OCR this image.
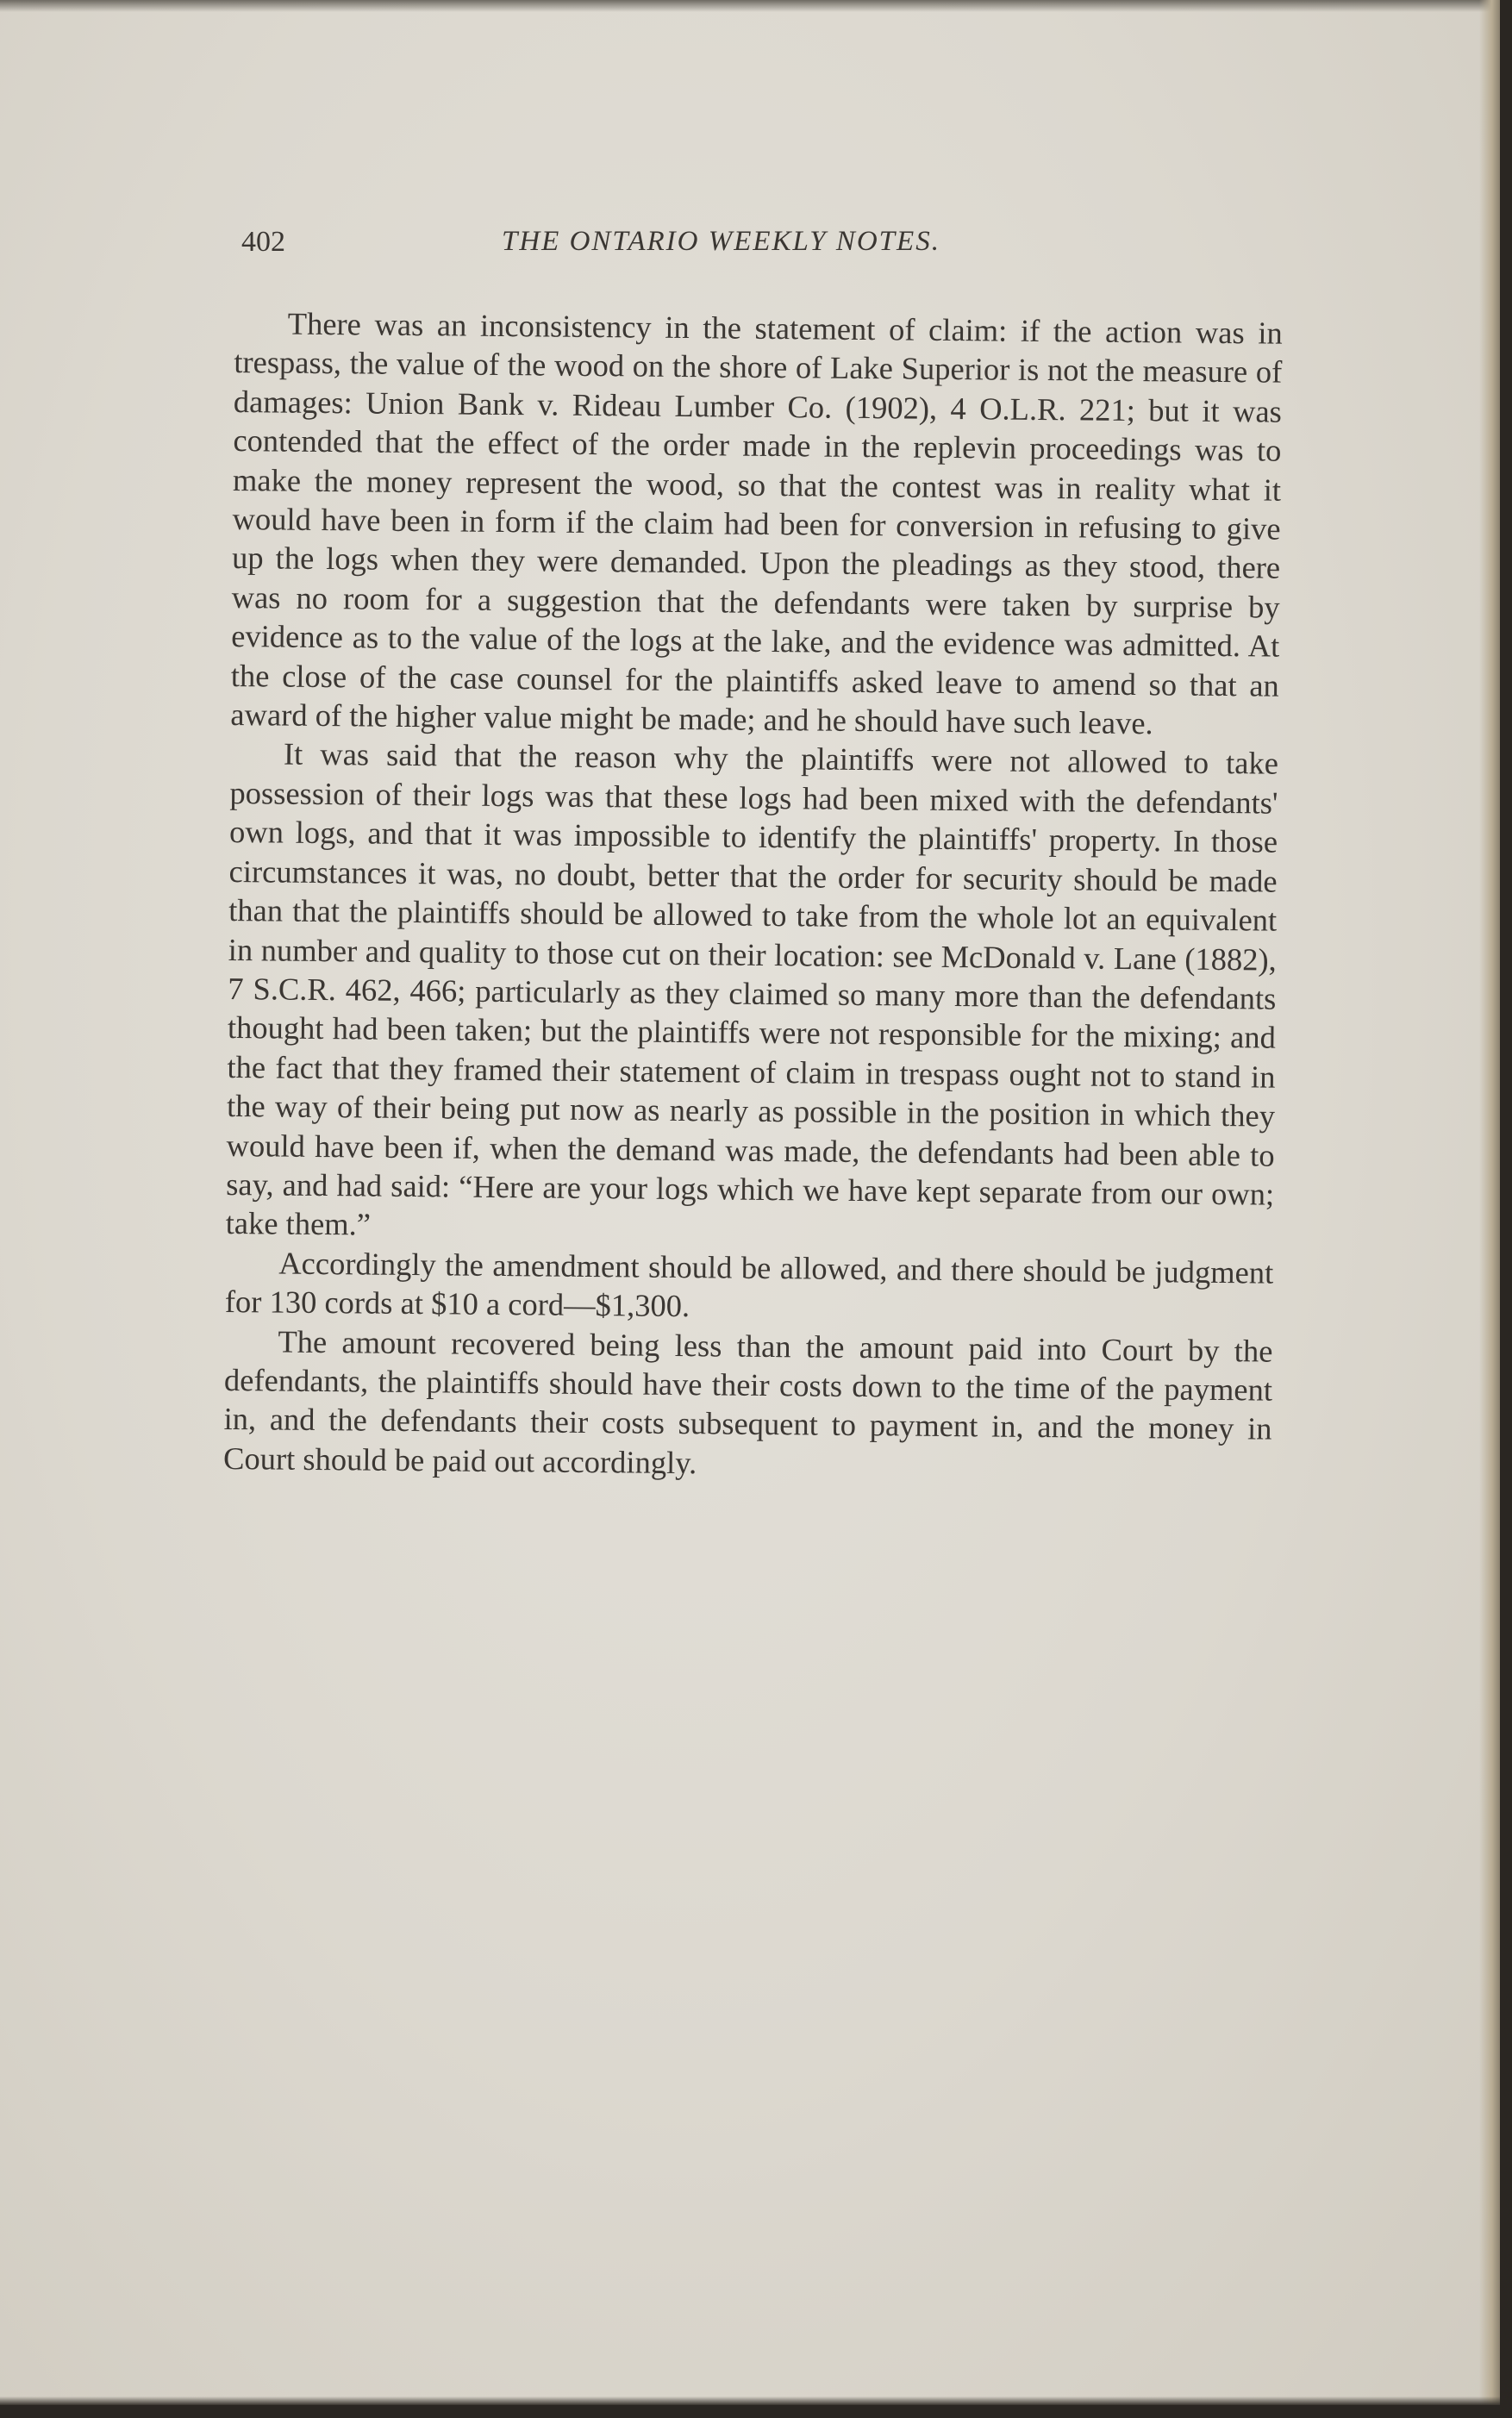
402	THE ONTARIO WEEKLY NOTES.

There was an inconsistency in the statement of claim: if the action was in trespass, the value of the wood on the shore of Lake Superior is not the measure of damages: Union Bank v. Rideau Lumber Co. (1902), 4 O.L.R. 221; but it was contended that the effect of the order made in the replevin proceedings was to make the money represent the wood, so that the contest was in reality what it would have been in form if the claim had been for conversion in refusing to give up the logs when they were demanded. Upon the pleadings as they stood, there was no room for a suggestion that the defendants were taken by surprise by evidence as to the value of the logs at the lake, and the evidence was admitted. At the close of the case counsel for the plaintiffs asked leave to amend so that an award of the higher value might be made; and he should have such leave.

It was said that the reason why the plaintiffs were not allowed to take possession of their logs was that these logs had been mixed with the defendants' own logs, and that it was impossible to identify the plaintiffs' property. In those circumstances it was, no doubt, better that the order for security should be made than that the plaintiffs should be allowed to take from the whole lot an equivalent in number and quality to those cut on their location: see McDonald v. Lane (1882), 7 S.C.R. 462, 466; particularly as they claimed so many more than the defendants thought had been taken; but the plaintiffs were not responsible for the mixing; and the fact that they framed their statement of claim in trespass ought not to stand in the way of their being put now as nearly as possible in the position in which they would have been if, when the demand was made, the defendants had been able to say, and had said: “Here are your logs which we have kept separate from our own; take them.”

Accordingly the amendment should be allowed, and there should be judgment for 130 cords at $10 a cord—$1,300.

The amount recovered being less than the amount paid into Court by the defendants, the plaintiffs should have their costs down to the time of the payment in, and the defendants their costs subsequent to payment in, and the money in Court should be paid out accordingly.
